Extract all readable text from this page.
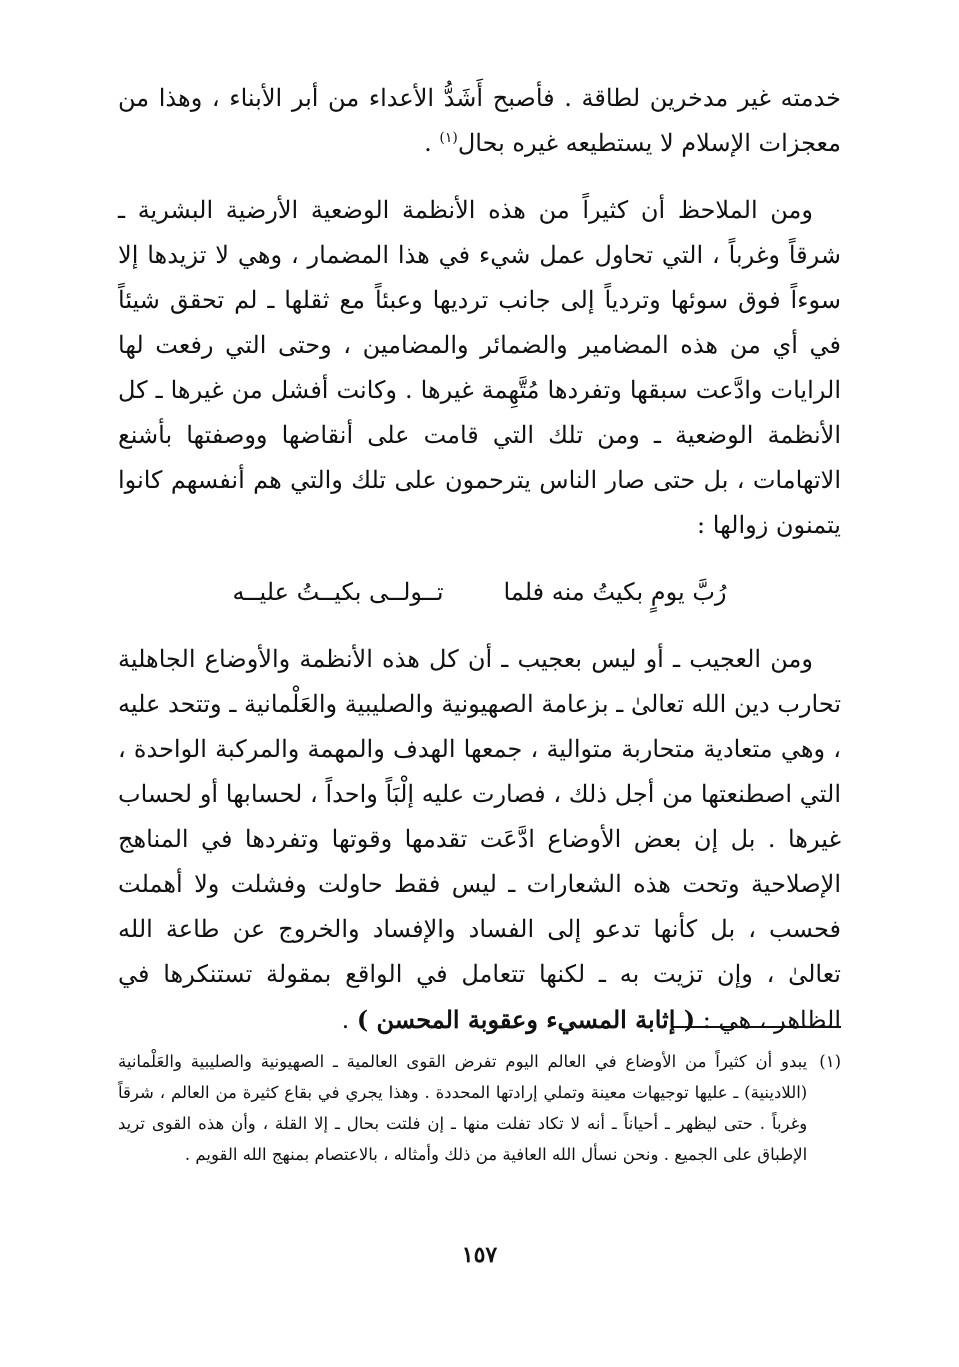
خدمته غير مدخرين لطاقة . فأصبح أَشَدُّ الأعداء من أبر الأبناء ، وهذا من معجزات الإسلام لا يستطيعه غيره بحال$^{(١)}$ .

ومن الملاحظ أن كثيراً من هذه الأنظمة الوضعية الأرضية البشرية ـ شرقاً وغرباً ، التي تحاول عمل شيء في هذا المضمار ، وهي لا تزيدها إلا سوءاً فوق سوئها وتردياً إلى جانب ترديها وعبئاً مع ثقلها ـ لم تحقق شيئاً في أي من هذه المضامير والضمائر والمضامين ، وحتى التي رفعت لها الرايات وادَّعت سبقها وتفردها مُتَّهِمة غيرها . وكانت أفشل من غيرها ـ كل الأنظمة الوضعية ـ ومن تلك التي قامت على أنقاضها ووصفتها بأشنع الاتهامات ، بل حتى صار الناس يترحمون على تلك والتي هم أنفسهم كانوا يتمنون زوالها :

رُبَّ يومٍ بكيتُ منه فلما
تــولــى بكيــتُ عليــه

ومن العجيب ـ أو ليس بعجيب ـ أن كل هذه الأنظمة والأوضاع الجاهلية تحارب دين الله تعالىٰ ـ بزعامة الصهيونية والصليبية والعَلْمانية ـ وتتحد عليه ، وهي متعادية متحاربة متوالية ، جمعها الهدف والمهمة والمركبة الواحدة ، التي اصطنعتها من أجل ذلك ، فصارت عليه إلْبَاً واحداً ، لحسابها أو لحساب غيرها . بل إن بعض الأوضاع ادَّعَت تقدمها وقوتها وتفردها في المناهج الإصلاحية وتحت هذه الشعارات ـ ليس فقط حاولت وفشلت ولا أهملت فحسب ، بل كأنها تدعو إلى الفساد والإفساد والخروج عن طاعة الله تعالىٰ ، وإن تزيت به ـ لكنها تتعامل في الواقع بمقولة تستنكرها في الظاهر ، هي : ( إثابة المسيء وعقوبة المحسن ) .

(١)
يبدو أن كثيراً من الأوضاع في العالم اليوم تفرض القوى العالمية ـ الصهيونية والصليبية والعَلْمانية (اللادينية) ـ عليها توجيهات معينة وتملي إرادتها المحددة . وهذا يجري في بقاع كثيرة من العالم ، شرقاً وغرباً . حتى ليظهر ـ أحياناً ـ أنه لا تكاد تفلت منها ـ إن فلتت بحال ـ إلا القلة ، وأن هذه القوى تريد الإطباق على الجميع . ونحن نسأل الله العافية من ذلك وأمثاله ، بالاعتصام بمنهج الله القويم .
١٥٧
